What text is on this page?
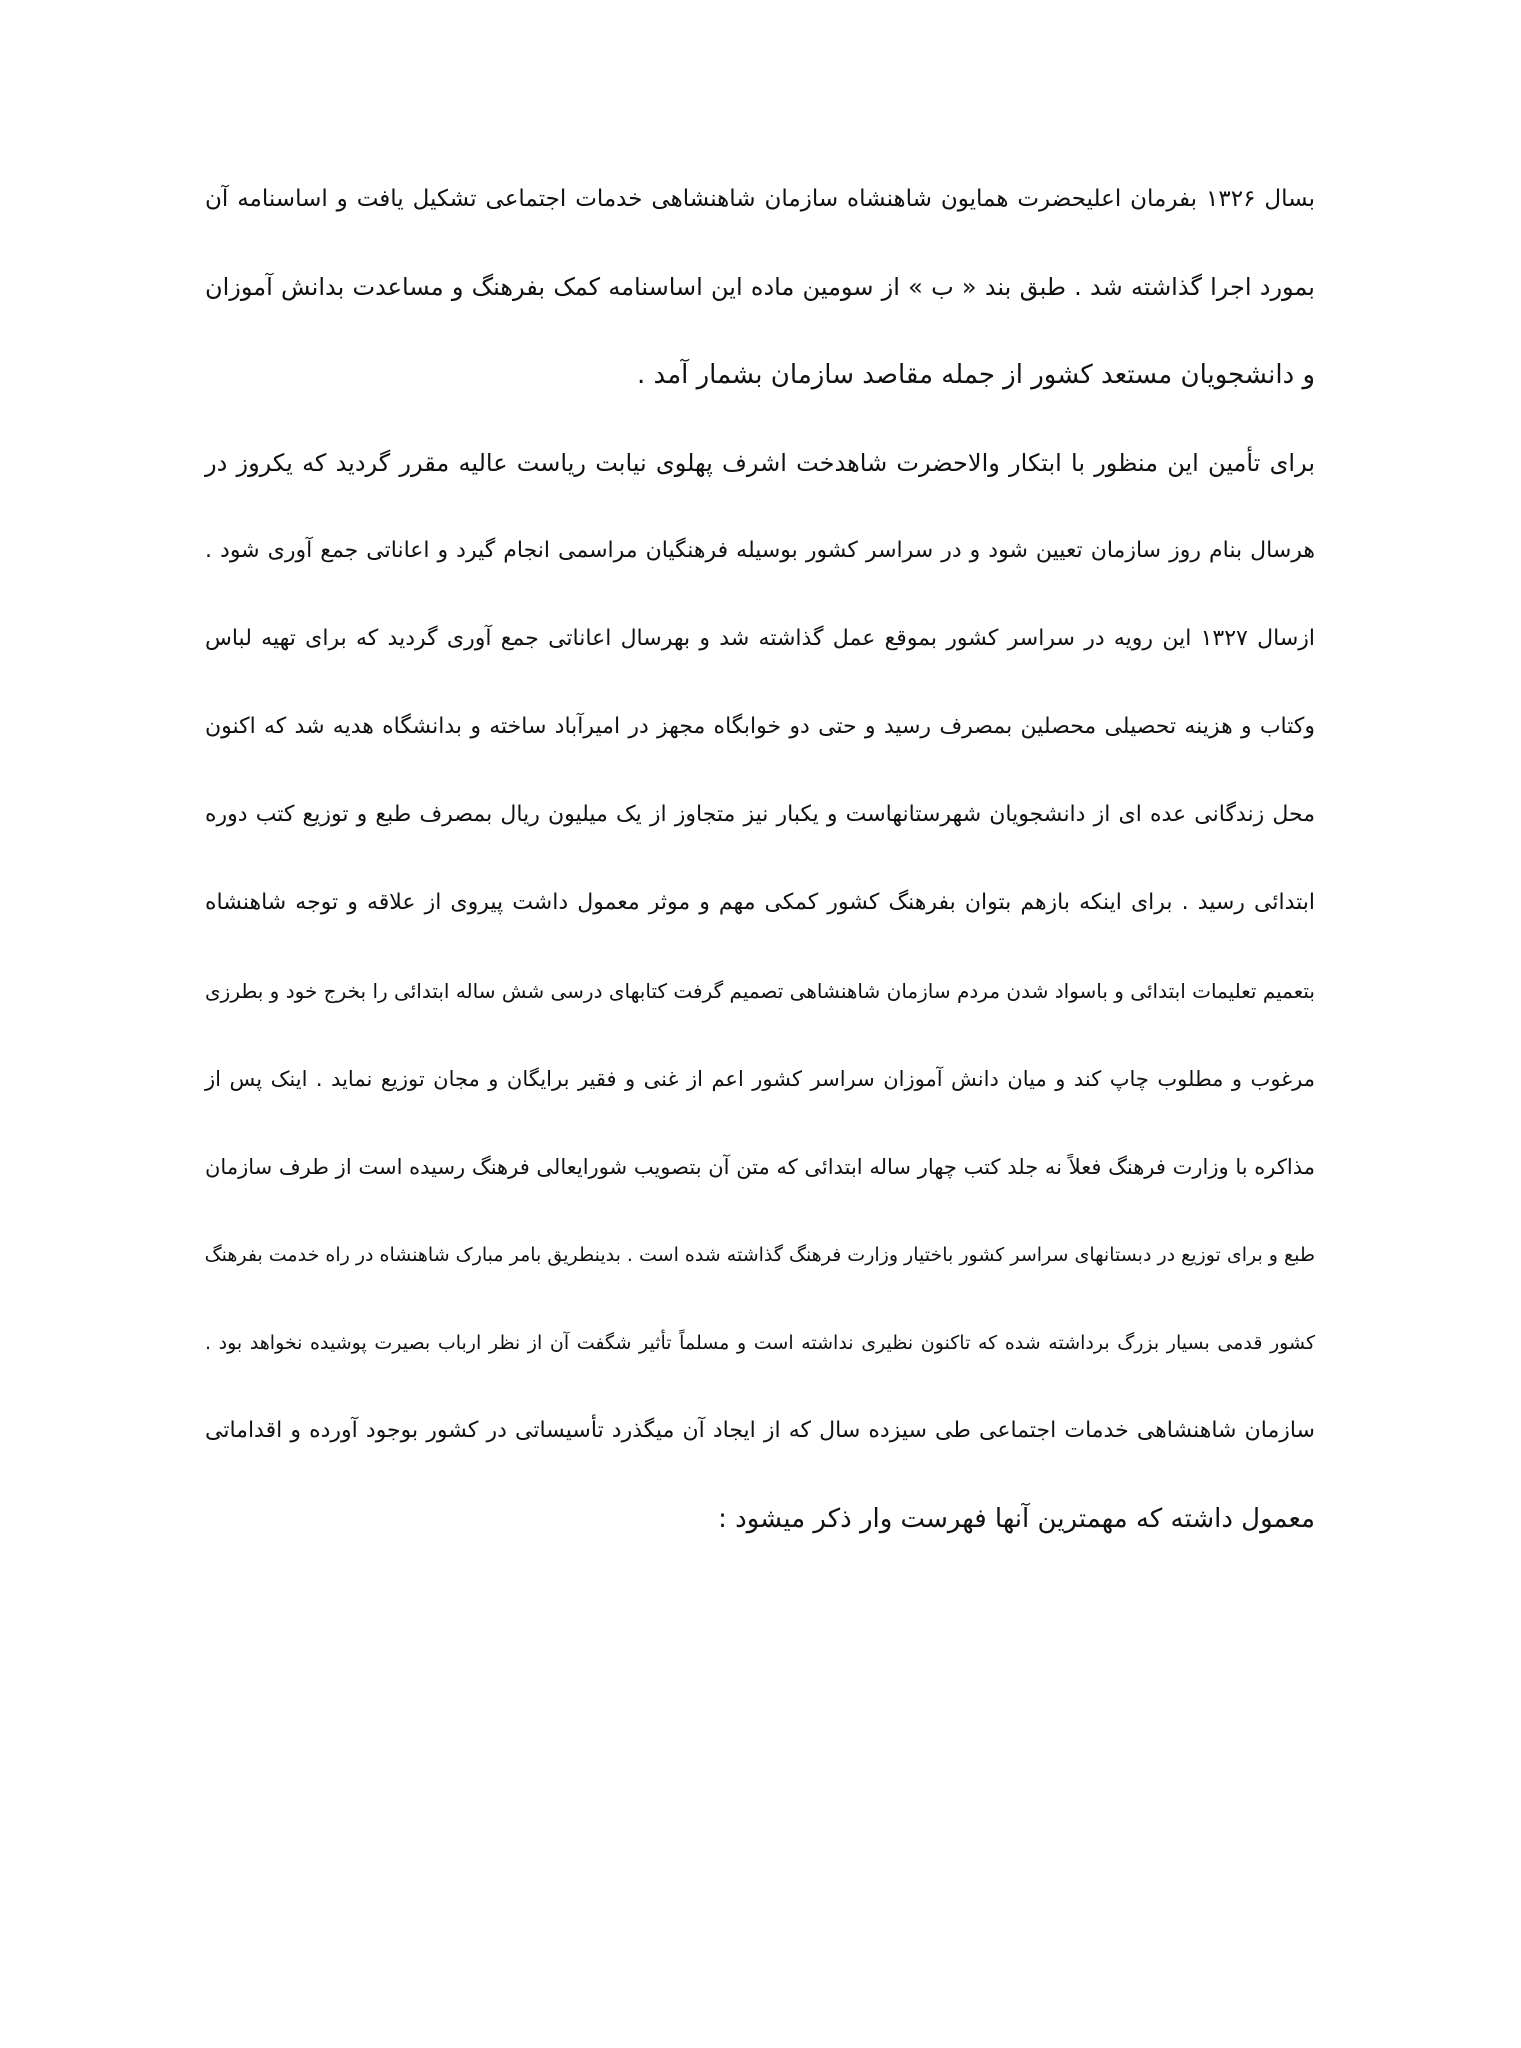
بسال ۱۳۲۶ بفرمان اعلیحضرت همایون شاهنشاه سازمان شاهنشاهی خدمات اجتماعی تشکیل یافت و اساسنامه آن
بمورد اجرا گذاشته شد . طبق بند « ب » از سومین ماده این اساسنامه کمک بفرهنگ و مساعدت بدانش آموزان
و دانشجویان مستعد کشور از جمله مقاصد سازمان بشمار آمد .
برای تأمین این منظور با ابتکار والاحضرت شاهدخت اشرف پهلوی نیابت ریاست عالیه مقرر گردید که یکروز در
هرسال بنام روز سازمان تعیین شود و در سراسر کشور بوسیله فرهنگیان مراسمی انجام گیرد و اعاناتی جمع آوری شود .
ازسال ۱۳۲۷ این رویه در سراسر کشور بموقع عمل گذاشته شد و بهرسال اعاناتی جمع آوری گردید که برای تهیه لباس
وکتاب و هزینه تحصیلی محصلین بمصرف رسید و حتی دو خوابگاه مجهز در امیرآباد ساخته و بدانشگاه هدیه شد که اکنون
محل زندگانی عده ای از دانشجویان شهرستانهاست و یکبار نیز متجاوز از یک میلیون ریال بمصرف طبع و توزیع کتب دوره
ابتدائی رسید . برای اینکه بازهم بتوان بفرهنگ کشور کمکی مهم و موثر معمول داشت پیروی از علاقه و توجه شاهنشاه
بتعمیم تعلیمات ابتدائی و باسواد شدن مردم سازمان شاهنشاهی تصمیم گرفت کتابهای درسی شش ساله ابتدائی را بخرج خود و بطرزی
مرغوب و مطلوب چاپ کند و میان دانش آموزان سراسر کشور اعم از غنی و فقیر برایگان و مجان توزیع نماید . اینک پس از
مذاکره با وزارت فرهنگ فعلاً نه جلد کتب چهار ساله ابتدائی که متن آن بتصویب شورایعالی فرهنگ رسیده است از طرف سازمان
طبع و برای توزیع در دبستانهای سراسر کشور باختیار وزارت فرهنگ گذاشته شده است . بدینطریق بامر مبارک شاهنشاه در راه خدمت بفرهنگ
کشور قدمی بسیار بزرگ برداشته شده که تاکنون نظیری نداشته است و مسلماً تأثیر شگفت آن از نظر ارباب بصیرت پوشیده نخواهد بود .
سازمان شاهنشاهی خدمات اجتماعی طی سیزده سال که از ایجاد آن میگذرد تأسیساتی در کشور بوجود آورده و اقداماتی
معمول داشته که مهمترین آنها فهرست وار ذکر میشود :
